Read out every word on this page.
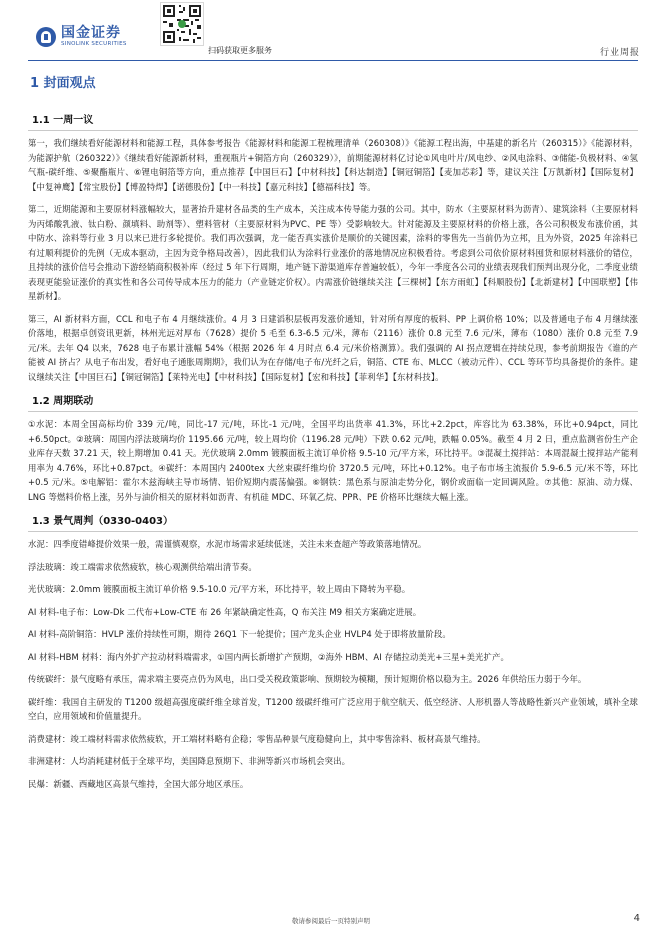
国金证券
SINOLINK SECURITIES
扫码获取更多服务	行业周报
1 封面观点
1.1 一周一议

第一，我们继续看好能源材料和能源工程，具体参考报告《能源材料和能源工程梳理清单（260308）》《能源工程出海，中基建的新名片（260315）》《能源材料，为能源护航（260322）》《继续看好能源新材料，重视瓶片+铜箔方向（260329）》，前期能源材料亿讨论①风电叶片/风电纱、②风电涂料、③储能-负极材料、④氢气瓶-碳纤维、⑤聚酯瓶片、⑥锂电铜箔等方向，重点推荐【中国巨石】【中材科技】【科达制造】【铜冠铜箔】【麦加芯彩】等，建议关注【万凯新材】【国际复材】【中复神鹰】【常宝股份】【博盈特焊】【诺德股份】【中一科技】【嘉元科技】【德福科技】等。

第二，近期能源和主要原材料涨幅较大，显著抬升建材各品类的生产成本，关注成本传导能力强的公司。其中，防水（主要原材料为沥青）、建筑涂料（主要原材料为丙烯酸乳液、钛白粉、颜填料、助剂等）、塑料管材（主要原材料为PVC、PE 等）受影响较大。针对能源及主要原材料的价格上涨，各公司积极发布涨价函，其中防水、涂料等行业 3 月以来已进行多轮提价。我们再次强调，龙一能否真实涨价是顺价的关键因素，涂料的零售先一当前仍为立邦，且为外资，2025 年涂料已有过顺利提价的先例（无成本驱动，主因为竞争格局改善），因此我们认为涂料行业涨价的落地情况应积极看待。考虑到公司依价原材料囤货和原材料涨价的错位，且持续的涨价信号会推动下游经销商积极补库（经过 5 年下行周期，地产链下游渠道库存普遍较低），今年一季度各公司的业绩表现我们预判出现分化，二季度业绩表现更能验证涨价的真实性和各公司传导成本压力的能力（产业链定价权）。内需涨价链继续关注【三棵树】【东方雨虹】【科顺股份】【北新建材】【中国联塑】【伟星新材】。

第三，AI 新材料方面，CCL 和电子布 4 月继续涨价。4 月 3 日建滔积层板再发涨价通知，针对所有厚度的板料、PP 上调价格 10%；以及普通电子布 4 月继续涨价落地，根据卓创资讯更新，林州光远对厚布（7628）提价 5 毛至 6.3-6.5 元/米，薄布（2116）涨价 0.8 元至 7.6 元/米，薄布（1080）涨价 0.8 元至 7.9 元/米。去年 Q4 以来，7628 电子布累计涨幅 54%（根据 2026 年 4 月时点 6.4 元/米价格测算）。我们强调的 AI 拐点逻辑在持续兑现，参考前期报告《谁的产能被 AI 挤占？从电子布出发，看好电子通胀周期期》，我们认为在存储/电子布/光纤之后，铜箔、CTE 布、MLCC（被动元件）、CCL 等环节均具备提价的条件。建议继续关注【中国巨石】【铜冠铜箔】【莱特光电】【中材科技】【国际复材】【宏和科技】【菲利华】【东材科技】。

1.2 周期联动

①水泥：本周全国高标均价 339 元/吨，同比-17 元/吨，环比-1 元/吨，全国平均出货率 41.3%，环比+2.2pct，库容比为 63.38%，环比+0.94pct，同比+6.50pct。②玻璃：周国内浮法玻璃均价 1195.66 元/吨，较上周均价（1196.28 元/吨）下跌 0.62 元/吨，跌幅 0.05%。截至 4 月 2 日，重点监测省份生产企业库存天数 37.21 天，较上期增加 0.41 天。光伏玻璃 2.0mm 镀膜面板主流订单价格 9.5-10 元/平方米，环比持平。③混凝土搅拌站：本周混凝土搅拌站产能利用率为 4.76%，环比+0.87pct。④碳纤：本周国内 2400tex 大丝束碳纤维均价 3720.5 元/吨，环比+0.12%。电子布市场主流报价 5.9-6.5 元/米不等，环比+0.5 元/米。⑤电解铝：霍尔木兹海峡主导市场情、铝价短期内震荡偏强。⑥钢铁：黑色系与原油走势分化，钢价或面临一定回调风险。⑦其他：原油、动力煤、LNG 等燃料价格上涨，另外与油价相关的原材料如沥青、有机硅 MDC、环氧乙烷、PPR、PE 价格环比继续大幅上涨。

1.3 景气周判（0330-0403）

水泥：四季度错峰提价效果一般，需谨慎观察，水泥市场需求延续低迷，关注未来查超产等政策落地情况。

浮法玻璃：竣工端需求依然疲软，核心观测供给端出清节奏。

光伏玻璃：2.0mm 镀膜面板主流订单价格 9.5-10.0 元/平方米，环比持平，较上周由下降转为平稳。

AI 材料-电子布：Low-Dk 二代布+Low-CTE 布 26 年紧缺确定性高，Q 布关注 M9 相关方案确定进展。

AI 材料-高阶铜箔：HVLP 涨价持续性可期，期待 26Q1 下一轮提价；国产龙头企业 HVLP4 处于即将放量阶段。

AI 材料-HBM 材料：海内外扩产拉动材料端需求，①国内两长新增扩产预期，②海外 HBM、AI 存储拉动美光+三星+美光扩产。

传统碳纤：景气度略有承压，需求端主要亮点仍为风电，出口受关税政策影响、预期较为模糊，预计短期价格以稳为主。2026 年供给压力弱于今年。

碳纤维：我国自主研发的 T1200 级超高强度碳纤维全球首发，T1200 级碳纤维可广泛应用于航空航天、低空经济、人形机器人等战略性新兴产业领域，填补全球空白，应用领域和价值量提升。

消费建材：竣工端材料需求依然疲软，开工端材料略有企稳；零售品种景气度稳健向上，其中零售涂料、板材高景气维持。

非洲建材：人均消耗建材低于全球平均，美国降息预期下、非洲等新兴市场机会突出。

民爆：新疆、西藏地区高景气维持，全国大部分地区承压。

敬请参阅最后一页特别声明	4
